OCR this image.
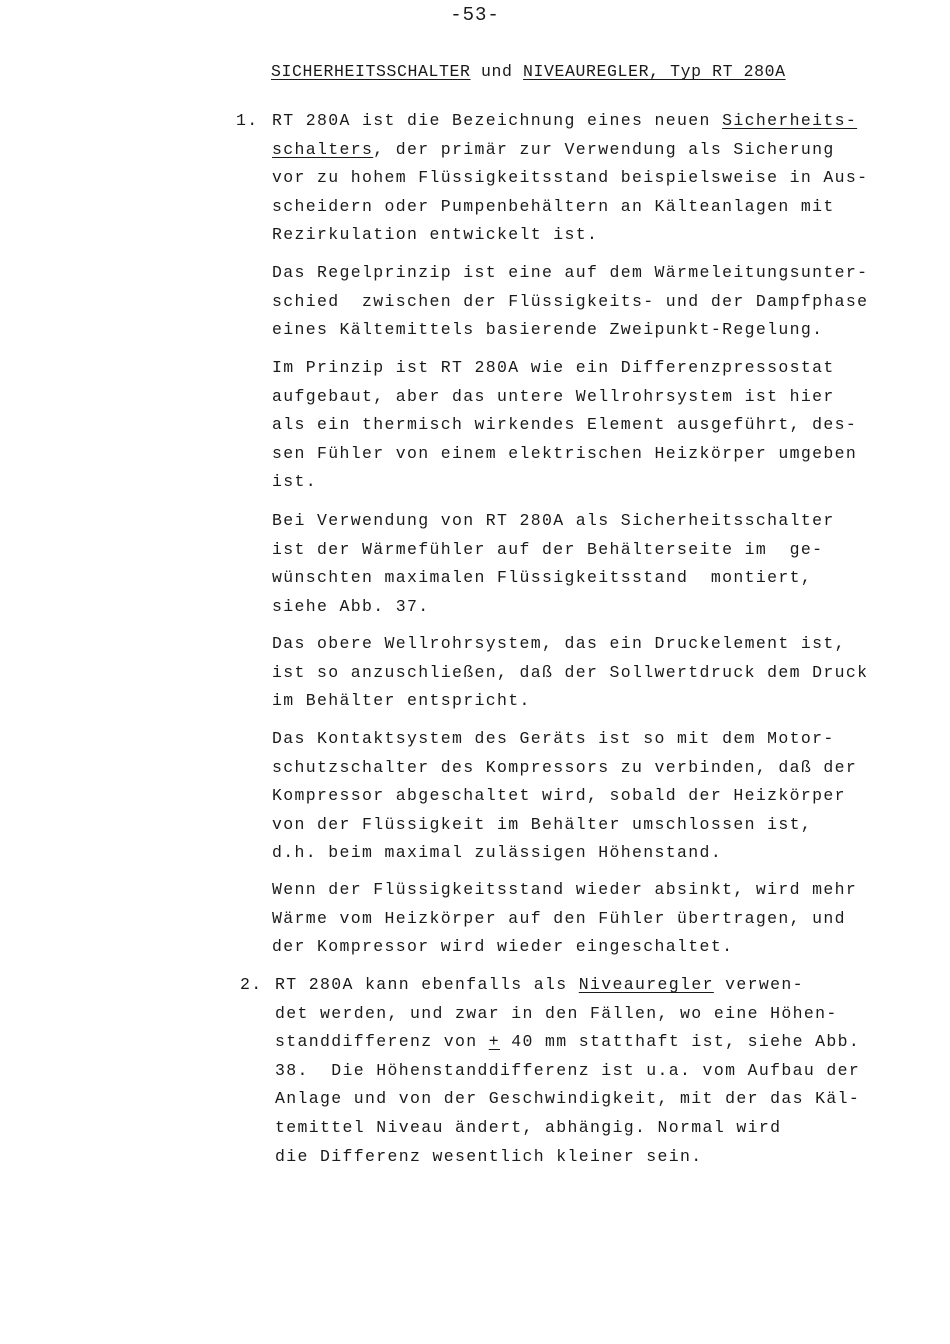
-53-
SICHERHEITSSCHALTER und NIVEAUREGLER, Typ RT 280A
1. RT 280A ist die Bezeichnung eines neuen Sicherheits-
schalters, der primär zur Verwendung als Sicherung
vor zu hohem Flüssigkeitsstand beispielsweise in Aus-
scheidern oder Pumpenbehältern an Kälteanlagen mit
Rezirkulation entwickelt ist.
Das Regelprinzip ist eine auf dem Wärmeleitungsunter-
schied  zwischen der Flüssigkeits- und der Dampfphase
eines Kältemittels basierende Zweipunkt-Regelung.
Im Prinzip ist RT 280A wie ein Differenzpressostat
aufgebaut, aber das untere Wellrohrsystem ist hier
als ein thermisch wirkendes Element ausgeführt, des-
sen Fühler von einem elektrischen Heizkörper umgeben
ist.
Bei Verwendung von RT 280A als Sicherheitsschalter
ist der Wärmefühler auf der Behälterseite im  ge-
wünschten maximalen Flüssigkeitsstand  montiert,
siehe Abb. 37.
Das obere Wellrohrsystem, das ein Druckelement ist,
ist so anzuschließen, daß der Sollwertdruck dem Druck
im Behälter entspricht.
Das Kontaktsystem des Geräts ist so mit dem Motor-
schutzschalter des Kompressors zu verbinden, daß der
Kompressor abgeschaltet wird, sobald der Heizkörper
von der Flüssigkeit im Behälter umschlossen ist,
d.h. beim maximal zulässigen Höhenstand.
Wenn der Flüssigkeitsstand wieder absinkt, wird mehr
Wärme vom Heizkörper auf den Fühler übertragen, und
der Kompressor wird wieder eingeschaltet.
2. RT 280A kann ebenfalls als Niveauregler verwen-
det werden, und zwar in den Fällen, wo eine Höhen-
standdifferenz von + 40 mm statthaft ist, siehe Abb.
38.  Die Höhenstanddifferenz ist u.a. vom Aufbau der
Anlage und von der Geschwindigkeit, mit der das Käl-
temittel Niveau ändert, abhängig. Normal wird
die Differenz wesentlich kleiner sein.
